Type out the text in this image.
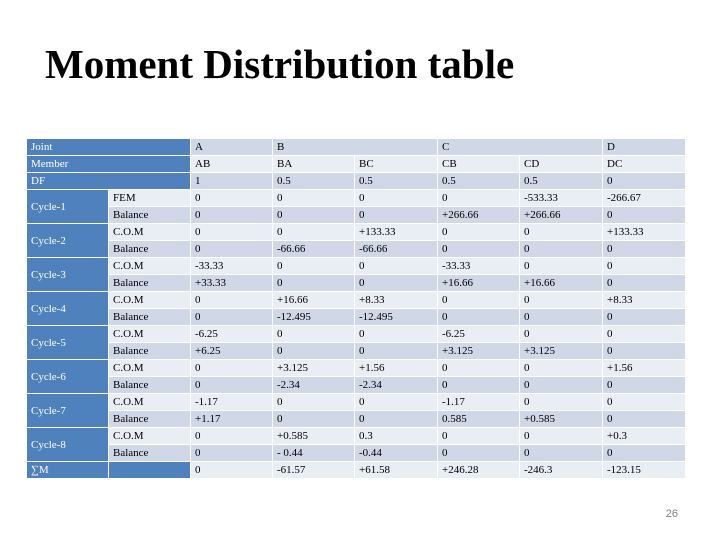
Moment Distribution table
Joint		A	B		C		D
Member		AB	BA	BC	CB	CD	DC
DF		1	0.5	0.5	0.5	0.5	0
Cycle-1	FEM	0	0	0	0	-533.33	-266.67
	Balance	0	0	0	+266.66	+266.66	0
Cycle-2	C.O.M	0	0	+133.33	0	0	+133.33
	Balance	0	-66.66	-66.66	0	0	0
Cycle-3	C.O.M	-33.33	0	0	-33.33	0	0
	Balance	+33.33	0	0	+16.66	+16.66	0
Cycle-4	C.O.M	0	+16.66	+8.33	0	0	+8.33
	Balance	0	-12.495	-12.495	0	0	0
Cycle-5	C.O.M	-6.25	0	0	-6.25	0	0
	Balance	+6.25	0	0	+3.125	+3.125	0
Cycle-6	C.O.M	0	+3.125	+1.56	0	0	+1.56
	Balance	0	-2.34	-2.34	0	0	0
Cycle-7	C.O.M	-1.17	0	0	-1.17	0	0
	Balance	+1.17	0	0	0.585	+0.585	0
Cycle-8	C.O.M	0	+0.585	0.3	0	0	+0.3
	Balance	0	- 0.44	-0.44	0	0	0
∑M		0	-61.57	+61.58	+246.28	-246.3	-123.15
26
